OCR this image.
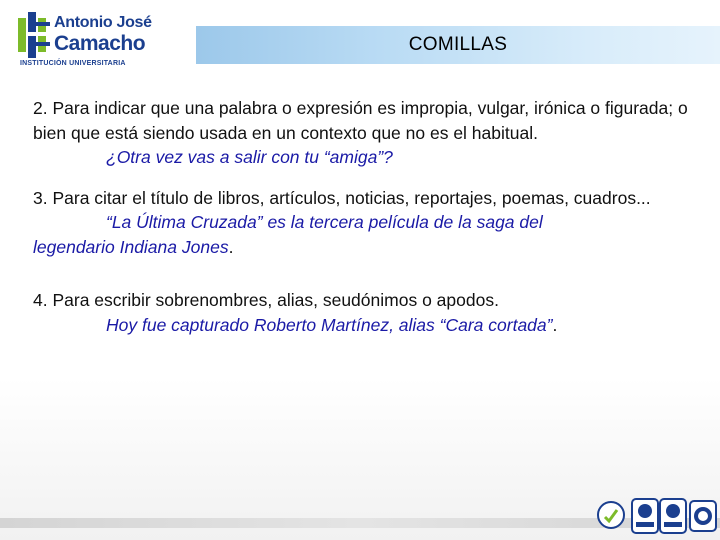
Antonio José
Camacho
INSTITUCIÓN UNIVERSITARIA
COMILLAS

2. Para indicar que una palabra o expresión es impropia, vulgar, irónica o figurada; o bien que está siendo usada en un contexto que no es el habitual.

¿Otra vez vas a salir con tu “amiga”?

3. Para citar el título de libros, artículos, noticias, reportajes, poemas, cuadros...

“La Última Cruzada” es la tercera película de la saga del
legendario Indiana Jones.

4. Para escribir sobrenombres, alias, seudónimos o apodos.

Hoy fue capturado Roberto Martínez, alias “Cara cortada”.
